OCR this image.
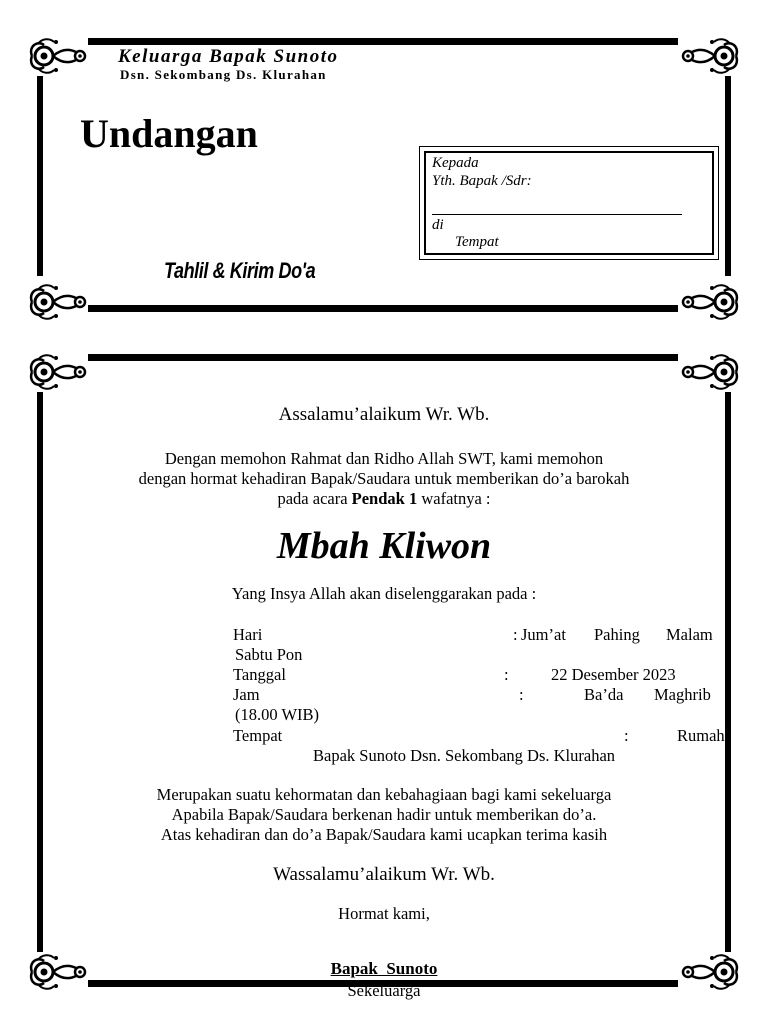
Keluarga Bapak Sunoto
Dsn. Sekombang Ds. Klurahan
Undangan
Tahlil & Kirim Do'a
Kepada
Yth. Bapak /Sdr:
di
Tempat
Assalamu’alaikum Wr. Wb.
Dengan memohon Rahmat dan Ridho Allah SWT, kami memohon
dengan hormat kehadiran Bapak/Saudara untuk memberikan do’a barokah
pada acara Pendak 1 wafatnya :
Mbah Kliwon
Yang Insya Allah akan diselenggarakan pada :
Hari	: Jum’at Pahing Malam
Sabtu Pon
Tanggal	:	22 Desember 2023
Jam	:	Ba’da Maghrib
(18.00 WIB)
Tempat	:	Rumah
Bapak Sunoto Dsn. Sekombang Ds. Klurahan
Merupakan suatu kehormatan dan kebahagiaan bagi kami sekeluarga
Apabila Bapak/Saudara berkenan hadir untuk memberikan do’a.
Atas kehadiran dan do’a Bapak/Saudara kami ucapkan terima kasih
Wassalamu’alaikum Wr. Wb.
Hormat kami,
Bapak  Sunoto
Sekeluarga
